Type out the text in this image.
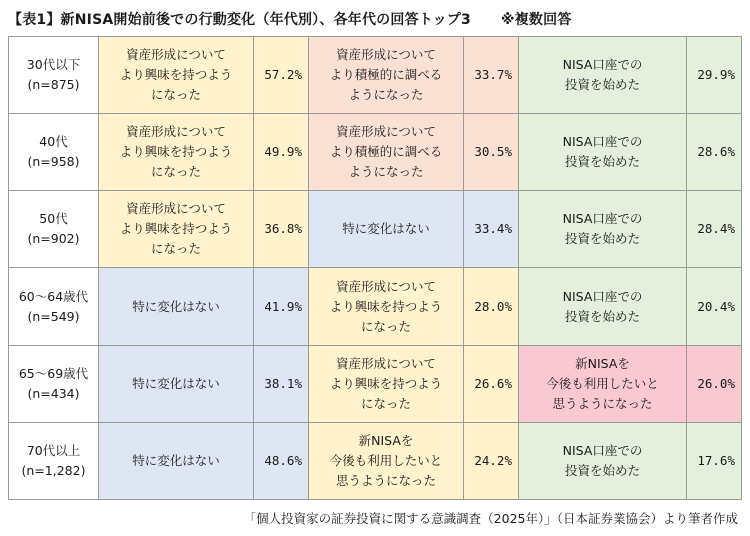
【表1】新NISA開始前後での行動変化（年代別）、各年代の回答トップ3 ※複数回答
30代以下
(n=875)	資産形成について
より興味を持つよう
になった	57.2%	資産形成について
より積極的に調べる
ようになった	33.7%	NISA口座での
投資を始めた	29.9%

40代
(n=958)	資産形成について
より興味を持つよう
になった	49.9%	資産形成について
より積極的に調べる
ようになった	30.5%	NISA口座での
投資を始めた	28.6%

50代
(n=902)	資産形成について
より興味を持つよう
になった	36.8%	特に変化はない	33.4%	NISA口座での
投資を始めた	28.4%

60～64歳代
(n=549)	特に変化はない	41.9%	資産形成について
より興味を持つよう
になった	28.0%	NISA口座での
投資を始めた	20.4%

65～69歳代
(n=434)	特に変化はない	38.1%	資産形成について
より興味を持つよう
になった	26.6%	新NISAを
今後も利用したいと
思うようになった	26.0%

70代以上
(n=1,282)	特に変化はない	48.6%	新NISAを
今後も利用したいと
思うようになった	24.2%	NISA口座での
投資を始めた	17.6%
「個人投資家の証券投資に関する意識調査（2025年）」（日本証券業協会）より筆者作成
